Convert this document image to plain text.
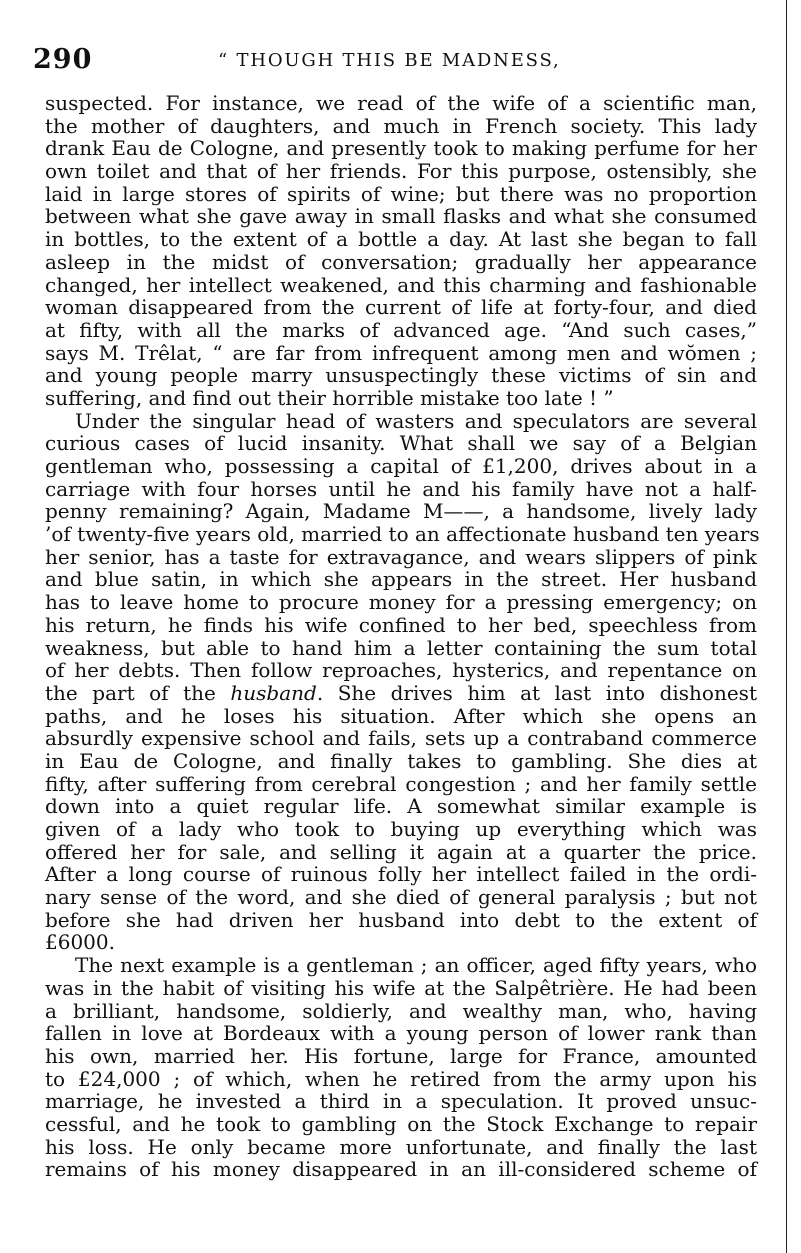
290	“ THOUGH THIS BE MADNESS,
suspected. For instance, we read of the wife of a scientific man,
the mother of daughters, and much in French society. This lady
drank Eau de Cologne, and presently took to making perfume for her
own toilet and that of her friends. For this purpose, ostensibly, she
laid in large stores of spirits of wine; but there was no proportion
between what she gave away in small flasks and what she consumed
in bottles, to the extent of a bottle a day. At last she began to fall
asleep in the midst of conversation; gradually her appearance
changed, her intellect weakened, and this charming and fashionable
woman disappeared from the current of life at forty-four, and died
at fifty, with all the marks of advanced age. “And such cases,”
says M. Trêlat, “ are far from infrequent among men and wŏmen ;
and young people marry unsuspectingly these victims of sin and
suffering, and find out their horrible mistake too late ! ”
Under the singular head of wasters and speculators are several
curious cases of lucid insanity. What shall we say of a Belgian
gentleman who, possessing a capital of £1,200, drives about in a
carriage with four horses until he and his family have not a half-
penny remaining? Again, Madame M——, a handsome, lively lady
’of twenty-five years old, married to an affectionate husband ten years
her senior, has a taste for extravagance, and wears slippers of pink
and blue satin, in which she appears in the street. Her husband
has to leave home to procure money for a pressing emergency; on
his return, he finds his wife confined to her bed, speechless from
weakness, but able to hand him a letter containing the sum total
of her debts. Then follow reproaches, hysterics, and repentance on
the part of the husband. She drives him at last into dishonest
paths, and he loses his situation. After which she opens an
absurdly expensive school and fails, sets up a contraband commerce
in Eau de Cologne, and finally takes to gambling. She dies at
fifty, after suffering from cerebral congestion ; and her family settle
down into a quiet regular life. A somewhat similar example is
given of a lady who took to buying up everything which was
offered her for sale, and selling it again at a quarter the price.
After a long course of ruinous folly her intellect failed in the ordi-
nary sense of the word, and she died of general paralysis ; but not
before she had driven her husband into debt to the extent of
£6000.
The next example is a gentleman ; an officer, aged fifty years, who
was in the habit of visiting his wife at the Salpêtrière. He had been
a brilliant, handsome, soldierly, and wealthy man, who, having
fallen in love at Bordeaux with a young person of lower rank than
his own, married her. His fortune, large for France, amounted
to £24,000 ; of which, when he retired from the army upon his
marriage, he invested a third in a speculation. It proved unsuc-
cessful, and he took to gambling on the Stock Exchange to repair
his loss. He only became more unfortunate, and finally the last
remains of his money disappeared in an ill-considered scheme of
